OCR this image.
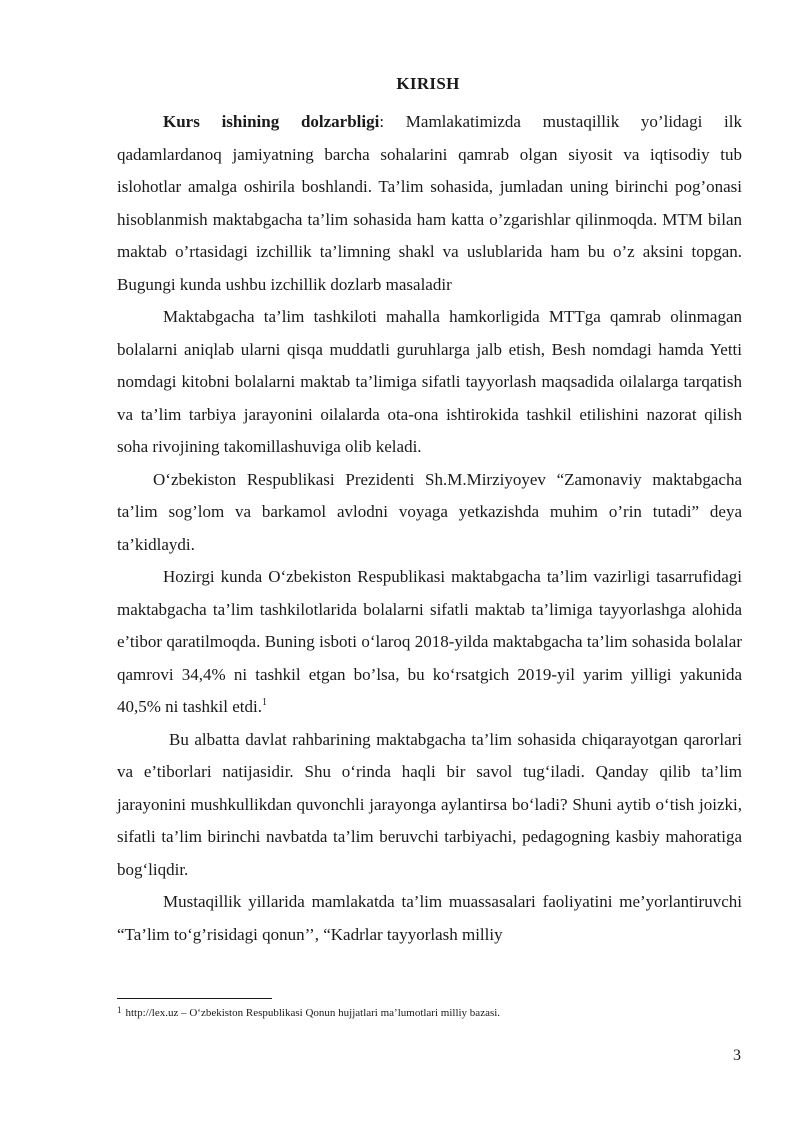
KIRISH

Kurs ishining dolzarbligi: Mamlakatimizda mustaqillik yo’lidagi ilk qadamlardanoq jamiyatning barcha sohalarini qamrab olgan siyosit va iqtisodiy tub islohotlar amalga oshirila boshlandi. Ta’lim sohasida, jumladan uning birinchi pog’onasi hisoblanmish maktabgacha ta’lim sohasida ham katta o’zgarishlar qilinmoqda. MTM bilan maktab o’rtasidagi izchillik ta’limning shakl va uslublarida ham bu o’z aksini topgan. Bugungi kunda ushbu izchillik dozlarb masaladir

Maktabgacha ta’lim tashkiloti mahalla hamkorligida MTTga qamrab olinmagan bolalarni aniqlab ularni qisqa muddatli guruhlarga jalb etish, Besh nomdagi hamda Yetti nomdagi kitobni bolalarni maktab ta’limiga sifatli tayyorlash maqsadida oilalarga tarqatish va ta’lim tarbiya jarayonini oilalarda ota-ona ishtirokida tashkil etilishini nazorat qilish soha rivojining takomillashuviga olib keladi.

O‘zbekiston Respublikasi Prezidenti Sh.M.Mirziyoyev “Zamonaviy maktabgacha ta’lim sog’lom va barkamol avlodni voyaga yetkazishda muhim o’rin tutadi” deya ta’kidlaydi.

Hozirgi kunda O‘zbekiston Respublikasi maktabgacha ta’lim vazirligi tasarrufidagi maktabgacha ta’lim tashkilotlarida bolalarni sifatli maktab ta’limiga tayyorlashga alohida e’tibor qaratilmoqda. Buning isboti o‘laroq 2018-yilda maktabgacha ta’lim sohasida bolalar qamrovi 34,4% ni tashkil etgan bo’lsa, bu ko‘rsatgich 2019-yil yarim yilligi yakunida 40,5% ni tashkil etdi.$^1$

Bu albatta davlat rahbarining maktabgacha ta’lim sohasida chiqarayotgan qarorlari va e’tiborlari natijasidir. Shu o‘rinda haqli bir savol tug‘iladi. Qanday qilib ta’lim jarayonini mushkullikdan quvonchli jarayonga aylantirsa bo‘ladi? Shuni aytib o‘tish joizki, sifatli ta’lim birinchi navbatda ta’lim beruvchi tarbiyachi, pedagogning kasbiy mahoratiga bog‘liqdir.

Mustaqillik yillarida mamlakatda ta’lim muassasalari faoliyatini me’yorlantiruvchi “Ta’lim to‘g’risidagi qonun’’, “Kadrlar tayyorlash milliy

$^1$ http://lex.uz – O‘zbekiston Respublikasi Qonun hujjatlari ma’lumotlari milliy bazasi.
3
